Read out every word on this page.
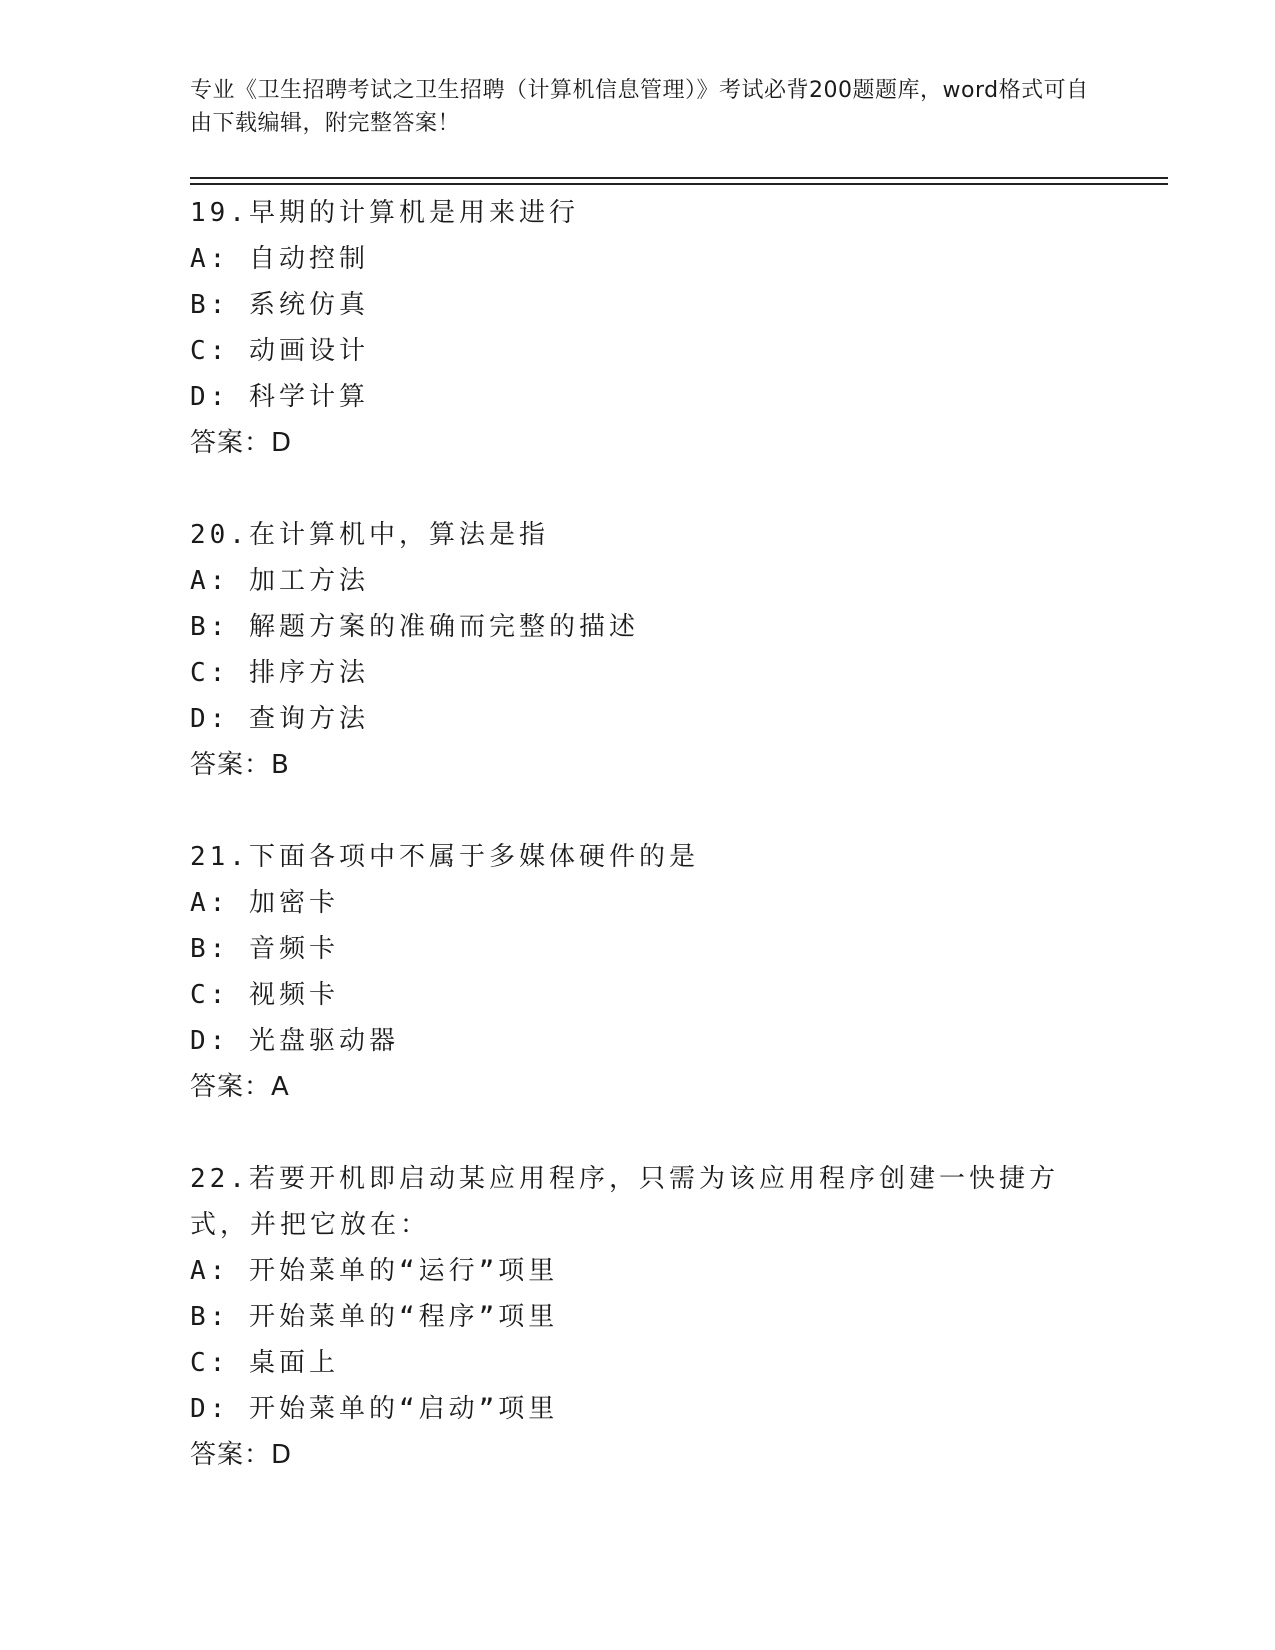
专业《卫生招聘考试之卫生招聘（计算机信息管理）》考试必背200题题库，word格式可自由下载编辑，附完整答案！
19.早期的计算机是用来进行
A: 自动控制
B: 系统仿真
C: 动画设计
D: 科学计算
答案：D
20.在计算机中，算法是指
A: 加工方法
B: 解题方案的准确而完整的描述
C: 排序方法
D: 查询方法
答案：B
21.下面各项中不属于多媒体硬件的是
A: 加密卡
B: 音频卡
C: 视频卡
D: 光盘驱动器
答案：A
22.若要开机即启动某应用程序，只需为该应用程序创建一快捷方式，并把它放在：
A: 开始菜单的“运行”项里
B: 开始菜单的“程序”项里
C: 桌面上
D: 开始菜单的“启动”项里
答案：D
